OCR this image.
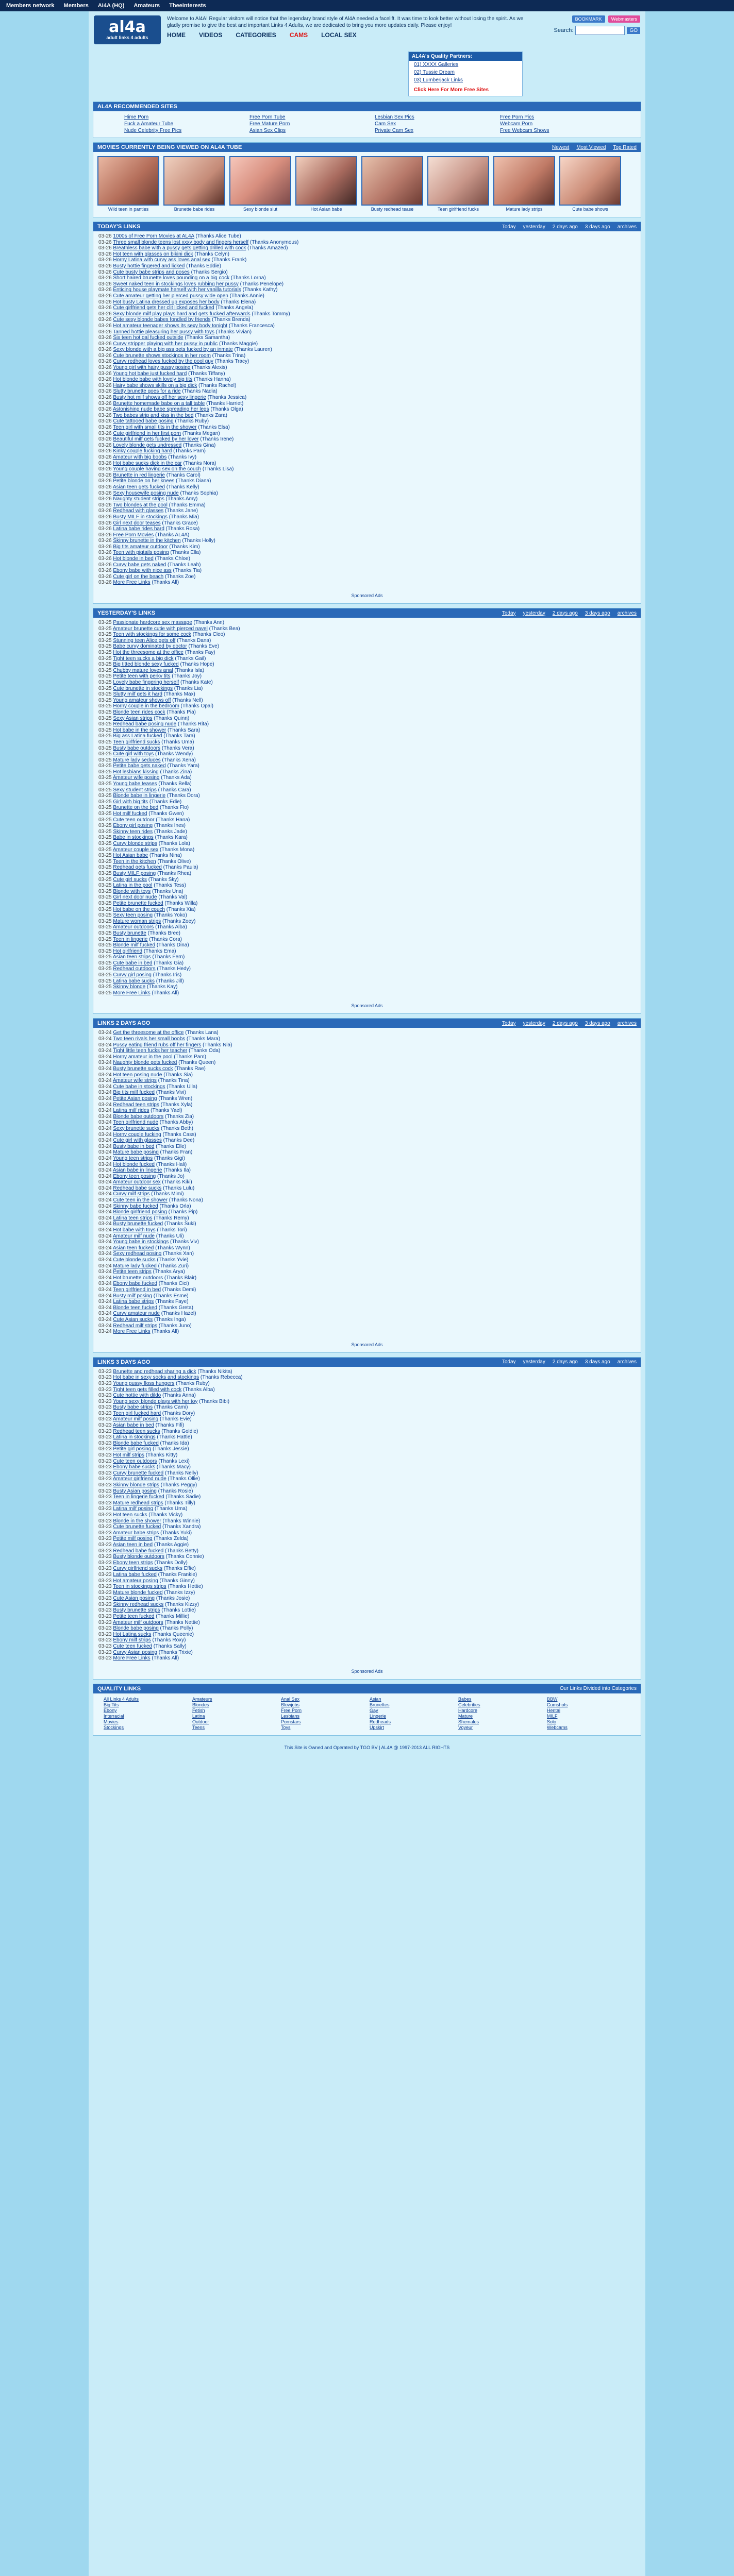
Members network Members AI4A (HQ) Amateurs TheeInterests
al4a
adult links 4 adults
Welcome to Al4A! Regular visitors will notice that the legendary brand style of Al4A needed a facelift. It was time to look better without losing the spirit. As we gladly promise to give the best and important Links 4 Adults, we are dedicated to bring you more updates daily. Please enjoy!
HOME VIDEOS CATEGORIES CAMS LOCAL SEX
BOOKMARK	Webmasters
Search:	GO
AL4A's Quality Partners:
01) XXXX Galleries
02) Tussie Dream
03) Lumberjack Links
Click Here For More Free Sites
AL4A RECOMMENDED SITES
Hime Porn	Free Porn Tube	Lesbian Sex Pics	Free Porn Pics
Fuck a Amateur Tube	Free Mature Porn	Cam Sex	Webcam Porn
Nude Celebrity Free Pics	Asian Sex Clips	Private Cam Sex	Free Webcam Shows
MOVIES CURRENTLY BEING VIEWED ON AL4A TUBE	Newest Most Viewed Top Rated
Wild teen in panties	Brunette babe rides	Sexy blonde slut	Hot Asian babe	Busty redhead tease	Teen girlfriend fucks	Mature lady strips	Cute babe shows
TODAY'S LINKS	Today yesterday 2 days ago 3 days ago archives
03-26 1000s of Free Porn Movies at AL4A (Thanks Alice Tube)
03-26 Three small blonde teens lost xxxy body and fingers herself (Thanks Anonymous)
03-26 Breathless babe with a pussy gets getting drilled with cock (Thanks Amazed)
03-26 Hot teen with glasses on bikini dick (Thanks Celyn)
03-26 Horny Latina with curvy ass loves anal sex (Thanks Frank)
03-26 Busty hottie fingered and licked (Thanks Eddie)
03-26 Cute busty babe strips and poses (Thanks Sergio)
03-26 Short haired brunette loves pounding on a big cock (Thanks Lorna)
03-26 Sweet naked teen in stockings loves rubbing her pussy (Thanks Penelope)
03-26 Enticing house playmate herself with her vanilla tutorials (Thanks Kathy)
03-26 Cute amateur getting her pierced pussy wide open (Thanks Annie)
03-26 Hot busty Latina dressed up exposes her body (Thanks Elena)
03-26 Cute girlfriend gets her clit licked and fucked (Thanks Angela)
03-26 Sexy blonde milf play plays hard and gets fucked afterwards (Thanks Tommy)
03-26 Cute sexy blonde babes fondled by friends (Thanks Brenda)
03-26 Hot amateur teenager shows its sexy body tonight (Thanks Francesca)
03-26 Tanned hottie pleasuring her pussy with toys (Thanks Vivian)
03-26 Six teen hot gal fucked outside (Thanks Samantha)
03-26 Curvy stripper playing with her pussy in public (Thanks Maggie)
03-26 Sexy blonde with a big ass gets fucked by an inmate (Thanks Lauren)
03-26 Cute brunette shows stockings in her room (Thanks Trina)
03-26 Curvy redhead loves fucked by the pool guy (Thanks Tracy)
03-26 Young girl with hairy pussy posing (Thanks Alexis)
03-26 Young hot babe just fucked hard (Thanks Tiffany)
03-26 Hot blonde babe with lovely big tits (Thanks Hanna)
03-26 Hairy babe shows skills on a big dick (Thanks Rachel)
03-26 Slutty brunette goes for a ride (Thanks Nadia)
03-26 Busty hot milf shows off her sexy lingerie (Thanks Jessica)
03-26 Brunette homemade babe on a tall table (Thanks Harriet)
03-26 Astonishing nude babe spreading her legs (Thanks Olga)
03-26 Two babes strip and kiss in the bed (Thanks Zara)
03-26 Cute tattooed babe posing (Thanks Ruby)
03-26 Teen girl with small tits in the shower (Thanks Elsa)
03-26 Cute girlfriend in her first porn (Thanks Megan)
03-26 Beautiful milf gets fucked by her lover (Thanks Irene)
03-26 Lovely blonde gets undressed (Thanks Gina)
03-26 Kinky couple fucking hard (Thanks Pam)
03-26 Amateur with big boobs (Thanks Ivy)
03-26 Hot babe sucks dick in the car (Thanks Nora)
03-26 Young couple having sex on the couch (Thanks Lisa)
03-26 Brunette in red lingerie (Thanks Carol)
03-26 Petite blonde on her knees (Thanks Diana)
03-26 Asian teen gets fucked (Thanks Kelly)
03-26 Sexy housewife posing nude (Thanks Sophia)
03-26 Naughty student strips (Thanks Amy)
03-26 Two blondes at the pool (Thanks Emma)
03-26 Redhead with glasses (Thanks Jane)
03-26 Busty MILF in stockings (Thanks Mia)
03-26 Girl next door teases (Thanks Grace)
03-26 Latina babe rides hard (Thanks Rosa)
03-26 Free Porn Movies (Thanks AL4A)
03-26 Skinny brunette in the kitchen (Thanks Holly)
03-26 Big tits amateur outdoor (Thanks Kim)
03-26 Teen with pigtails posing (Thanks Ella)
03-26 Hot blonde in bed (Thanks Chloe)
03-26 Curvy babe gets naked (Thanks Leah)
03-26 Ebony babe with nice ass (Thanks Tia)
03-26 Cute girl on the beach (Thanks Zoe)
03-26 More Free Links (Thanks All)
Sponsored Ads
YESTERDAY'S LINKS	Today yesterday 2 days ago 3 days ago archives
03-25 Passionate hardcore sex massage (Thanks Ann)
03-25 Amateur brunette cutie with pierced navel (Thanks Bea)
03-25 Teen with stockings for some cock (Thanks Cleo)
03-25 Stunning teen Alice gets off (Thanks Dana)
03-25 Babe curvy dominated by doctor (Thanks Eve)
03-25 Hot the threesome at the office (Thanks Fay)
03-25 Tight teen sucks a big dick (Thanks Gail)
03-25 Big titted blonde sexy fucked (Thanks Hope)
03-25 Chubby mature loves anal (Thanks Isla)
03-25 Petite teen with perky tits (Thanks Joy)
03-25 Lovely babe fingering herself (Thanks Kate)
03-25 Cute brunette in stockings (Thanks Lia)
03-25 Slutty milf gets it hard (Thanks Max)
03-25 Young amateur shows off (Thanks Nell)
03-25 Horny couple in the bedroom (Thanks Opal)
03-25 Blonde teen rides cock (Thanks Pia)
03-25 Sexy Asian strips (Thanks Quinn)
03-25 Redhead babe posing nude (Thanks Rita)
03-25 Hot babe in the shower (Thanks Sara)
03-25 Big ass Latina fucked (Thanks Tara)
03-25 Teen girlfriend sucks (Thanks Uma)
03-25 Busty babe outdoors (Thanks Vera)
03-25 Cute girl with toys (Thanks Wendy)
03-25 Mature lady seduces (Thanks Xena)
03-25 Petite babe gets naked (Thanks Yara)
03-25 Hot lesbians kissing (Thanks Zina)
03-25 Amateur wife posing (Thanks Ada)
03-25 Young babe teases (Thanks Bella)
03-25 Sexy student strips (Thanks Cara)
03-25 Blonde babe in lingerie (Thanks Dora)
03-25 Girl with big tits (Thanks Edie)
03-25 Brunette on the bed (Thanks Flo)
03-25 Hot milf fucked (Thanks Gwen)
03-25 Cute teen outdoor (Thanks Hana)
03-25 Ebony girl posing (Thanks Ines)
03-25 Skinny teen rides (Thanks Jade)
03-25 Babe in stockings (Thanks Kara)
03-25 Curvy blonde strips (Thanks Lola)
03-25 Amateur couple sex (Thanks Mona)
03-25 Hot Asian babe (Thanks Nina)
03-25 Teen in the kitchen (Thanks Olive)
03-25 Redhead gets fucked (Thanks Paula)
03-25 Busty MILF posing (Thanks Rhea)
03-25 Cute girl sucks (Thanks Sky)
03-25 Latina in the pool (Thanks Tess)
03-25 Blonde with toys (Thanks Una)
03-25 Girl next door nude (Thanks Val)
03-25 Petite brunette fucked (Thanks Willa)
03-25 Hot babe on the couch (Thanks Xia)
03-25 Sexy teen posing (Thanks Yoko)
03-25 Mature woman strips (Thanks Zoey)
03-25 Amateur outdoors (Thanks Alba)
03-25 Busty brunette (Thanks Bree)
03-25 Teen in lingerie (Thanks Cora)
03-25 Blonde milf fucked (Thanks Dina)
03-25 Hot girlfriend (Thanks Ema)
03-25 Asian teen strips (Thanks Fern)
03-25 Cute babe in bed (Thanks Gia)
03-25 Redhead outdoors (Thanks Hedy)
03-25 Curvy girl posing (Thanks Iris)
03-25 Latina babe sucks (Thanks Jill)
03-25 Skinny blonde (Thanks Kay)
03-25 More Free Links (Thanks All)
Sponsored Ads
LINKS 2 DAYS AGO	Today yesterday 2 days ago 3 days ago archives
03-24 Get the threesome at the office (Thanks Lana)
03-24 Two teen rivals her small boobs (Thanks Mara)
03-24 Pussy eating friend rubs off her fingers (Thanks Nia)
03-24 Tight little teen fucks her teacher (Thanks Oda)
03-24 Horny amateur in the pool (Thanks Pam)
03-24 Naughty blonde gets fucked (Thanks Queen)
03-24 Busty brunette sucks cock (Thanks Rae)
03-24 Hot teen posing nude (Thanks Sia)
03-24 Amateur wife strips (Thanks Tina)
03-24 Cute babe in stockings (Thanks Ulla)
03-24 Big tits milf fucked (Thanks Vivi)
03-24 Petite Asian posing (Thanks Wren)
03-24 Redhead teen strips (Thanks Xyla)
03-24 Latina milf rides (Thanks Yael)
03-24 Blonde babe outdoors (Thanks Zia)
03-24 Teen girlfriend nude (Thanks Abby)
03-24 Sexy brunette sucks (Thanks Beth)
03-24 Horny couple fucking (Thanks Cass)
03-24 Cute girl with glasses (Thanks Dee)
03-24 Busty babe in bed (Thanks Elle)
03-24 Mature babe posing (Thanks Fran)
03-24 Young teen strips (Thanks Gigi)
03-24 Hot blonde fucked (Thanks Hali)
03-24 Asian babe in lingerie (Thanks Ila)
03-24 Ebony teen posing (Thanks Jo)
03-24 Amateur outdoor sex (Thanks Kiki)
03-24 Redhead babe sucks (Thanks Lulu)
03-24 Curvy milf strips (Thanks Mimi)
03-24 Cute teen in the shower (Thanks Nona)
03-24 Skinny babe fucked (Thanks Orla)
03-24 Blonde girlfriend posing (Thanks Pip)
03-24 Latina teen strips (Thanks Remy)
03-24 Busty brunette fucked (Thanks Suki)
03-24 Hot babe with toys (Thanks Tori)
03-24 Amateur milf nude (Thanks Uli)
03-24 Young babe in stockings (Thanks Viv)
03-24 Asian teen fucked (Thanks Wynn)
03-24 Sexy redhead posing (Thanks Xan)
03-24 Cute blonde sucks (Thanks Yvie)
03-24 Mature lady fucked (Thanks Zuri)
03-24 Petite teen strips (Thanks Arya)
03-24 Hot brunette outdoors (Thanks Blair)
03-24 Ebony babe fucked (Thanks Cici)
03-24 Teen girlfriend in bed (Thanks Demi)
03-24 Busty milf posing (Thanks Esme)
03-24 Latina babe strips (Thanks Faye)
03-24 Blonde teen fucked (Thanks Greta)
03-24 Curvy amateur nude (Thanks Hazel)
03-24 Cute Asian sucks (Thanks Inga)
03-24 Redhead milf strips (Thanks Juno)
03-24 More Free Links (Thanks All)
Sponsored Ads
LINKS 3 DAYS AGO	Today yesterday 2 days ago 3 days ago archives
03-23 Brunette and redhead sharing a dick (Thanks Nikita)
03-23 Hot babe in sexy socks and stockings (Thanks Rebecca)
03-23 Young pussy floss hungers (Thanks Ruby)
03-23 Tight teen gets filled with cock (Thanks Alba)
03-23 Cute hottie with dildo (Thanks Anna)
03-23 Young sexy blonde plays with her toy (Thanks Bibi)
03-23 Busty babe strips (Thanks Cami)
03-23 Teen girl fucked hard (Thanks Dory)
03-23 Amateur milf posing (Thanks Evie)
03-23 Asian babe in bed (Thanks Fifi)
03-23 Redhead teen sucks (Thanks Goldie)
03-23 Latina in stockings (Thanks Hattie)
03-23 Blonde babe fucked (Thanks Ida)
03-23 Petite girl posing (Thanks Jessie)
03-23 Hot milf strips (Thanks Kitty)
03-23 Cute teen outdoors (Thanks Lexi)
03-23 Ebony babe sucks (Thanks Macy)
03-23 Curvy brunette fucked (Thanks Nelly)
03-23 Amateur girlfriend nude (Thanks Ollie)
03-23 Skinny blonde strips (Thanks Peggy)
03-23 Busty Asian posing (Thanks Rosie)
03-23 Teen in lingerie fucked (Thanks Sadie)
03-23 Mature redhead strips (Thanks Tilly)
03-23 Latina milf posing (Thanks Uma)
03-23 Hot teen sucks (Thanks Vicky)
03-23 Blonde in the shower (Thanks Winnie)
03-23 Cute brunette fucked (Thanks Xandra)
03-23 Amateur babe strips (Thanks Yuki)
03-23 Petite milf posing (Thanks Zelda)
03-23 Asian teen in bed (Thanks Aggie)
03-23 Redhead babe fucked (Thanks Betty)
03-23 Busty blonde outdoors (Thanks Connie)
03-23 Ebony teen strips (Thanks Dolly)
03-23 Curvy girlfriend sucks (Thanks Effie)
03-23 Latina babe fucked (Thanks Frankie)
03-23 Hot amateur posing (Thanks Ginny)
03-23 Teen in stockings strips (Thanks Hettie)
03-23 Mature blonde fucked (Thanks Izzy)
03-23 Cute Asian posing (Thanks Josie)
03-23 Skinny redhead sucks (Thanks Kizzy)
03-23 Busty brunette strips (Thanks Lottie)
03-23 Petite teen fucked (Thanks Millie)
03-23 Amateur milf outdoors (Thanks Nettie)
03-23 Blonde babe posing (Thanks Polly)
03-23 Hot Latina sucks (Thanks Queenie)
03-23 Ebony milf strips (Thanks Roxy)
03-23 Cute teen fucked (Thanks Sally)
03-23 Curvy Asian posing (Thanks Trixie)
03-23 More Free Links (Thanks All)
Sponsored Ads
QUALITY LINKS	Our Links Divided into Categories
All Links 4 Adults	Amateurs	Anal Sex	Asian	Babes	BBW
Big Tits	Blondes	Blowjobs	Brunettes	Celebrities	Cumshots
Ebony	Fetish	Free Porn	Gay	Hardcore	Hentai
Interracial	Latina	Lesbians	Lingerie	Mature	MILF
Movies	Outdoor	Pornstars	Redheads	Shemales	Solo
Stockings	Teens	Toys	Upskirt	Voyeur	Webcams
This Site is Owned and Operated by TGO BV | AL4A @ 1997-2013 ALL RIGHTS
